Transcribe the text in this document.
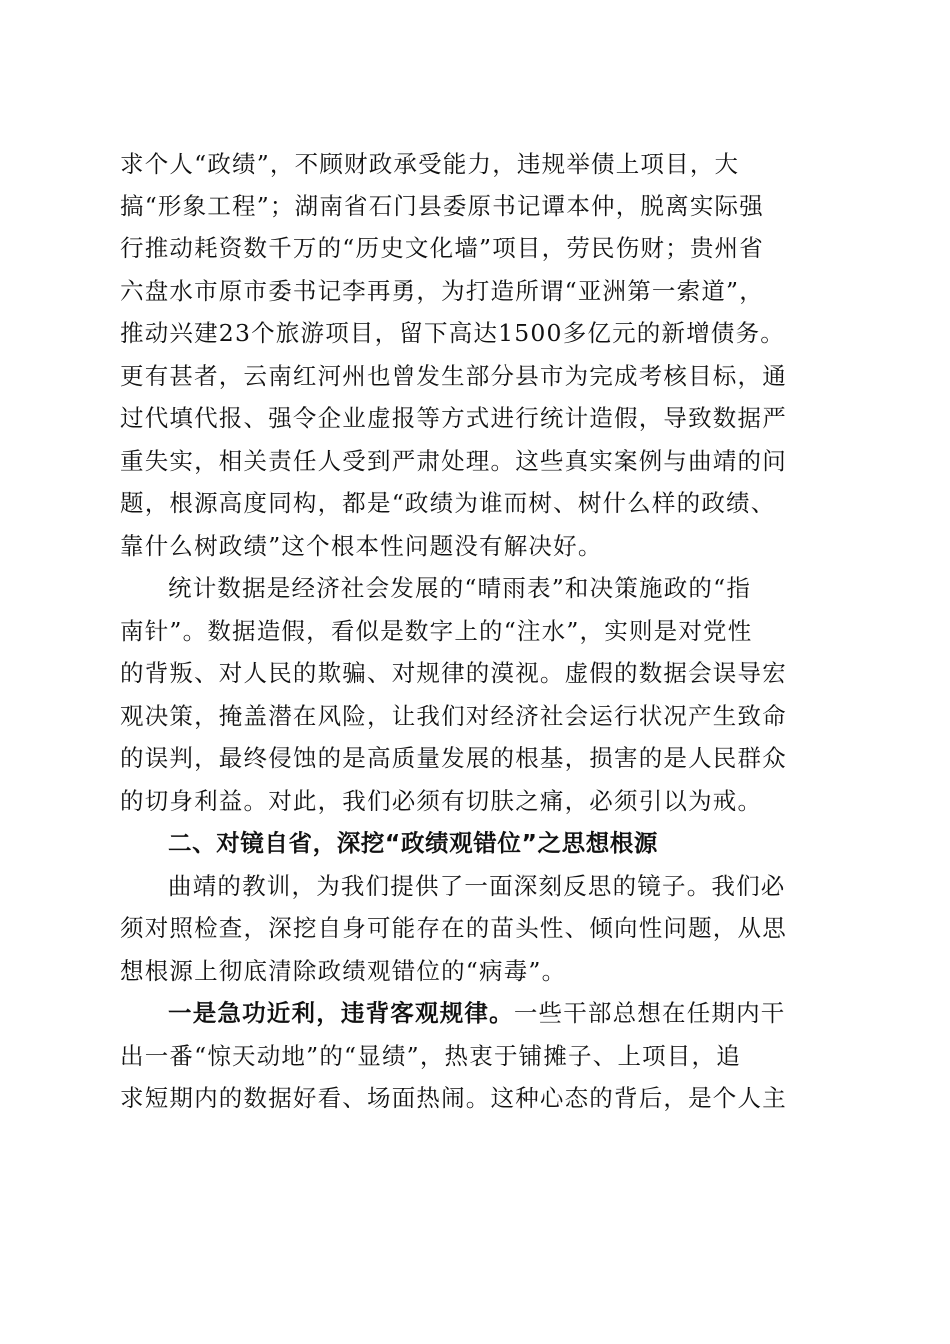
求个人“政绩”，不顾财政承受能力，违规举债上项目，大
搞“形象工程”；湖南省石门县委原书记谭本仲，脱离实际强
行推动耗资数千万的“历史文化墙”项目，劳民伤财；贵州省
六盘水市原市委书记李再勇，为打造所谓“亚洲第一索道”，
推动兴建23个旅游项目，留下高达1500多亿元的新增债务。
更有甚者，云南红河州也曾发生部分县市为完成考核目标，通
过代填代报、强令企业虚报等方式进行统计造假，导致数据严
重失实，相关责任人受到严肃处理。这些真实案例与曲靖的问
题，根源高度同构，都是“政绩为谁而树、树什么样的政绩、
靠什么树政绩”这个根本性问题没有解决好。
统计数据是经济社会发展的“晴雨表”和决策施政的“指
南针”。数据造假，看似是数字上的“注水”，实则是对党性
的背叛、对人民的欺骗、对规律的漠视。虚假的数据会误导宏
观决策，掩盖潜在风险，让我们对经济社会运行状况产生致命
的误判，最终侵蚀的是高质量发展的根基，损害的是人民群众
的切身利益。对此，我们必须有切肤之痛，必须引以为戒。
二、对镜自省，深挖“政绩观错位”之思想根源
曲靖的教训，为我们提供了一面深刻反思的镜子。我们必
须对照检查，深挖自身可能存在的苗头性、倾向性问题，从思
想根源上彻底清除政绩观错位的“病毒”。
一是急功近利，违背客观规律。一些干部总想在任期内干
出一番“惊天动地”的“显绩”，热衷于铺摊子、上项目，追
求短期内的数据好看、场面热闹。这种心态的背后，是个人主
